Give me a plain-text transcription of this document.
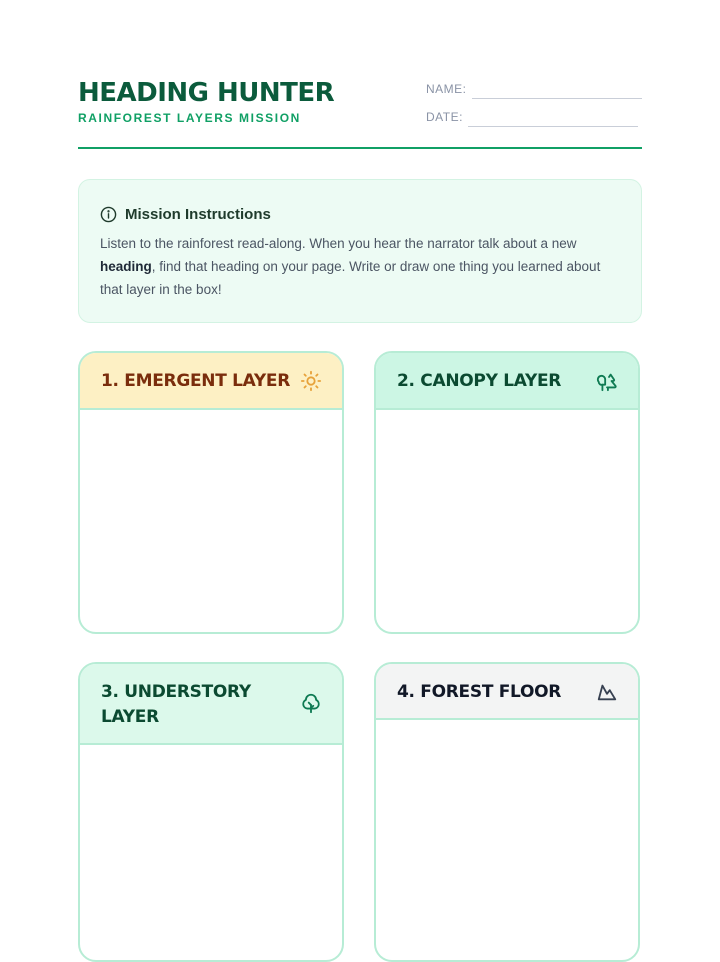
HEADING HUNTER
RAINFOREST LAYERS MISSION
NAME:
DATE:
Mission Instructions
Listen to the rainforest read-along. When you hear the narrator talk about a new heading, find that heading on your page. Write or draw one thing you learned about that layer in the box!
1. EMERGENT LAYER	2. CANOPY LAYER
3. UNDERSTORY LAYER
4. FOREST FLOOR
